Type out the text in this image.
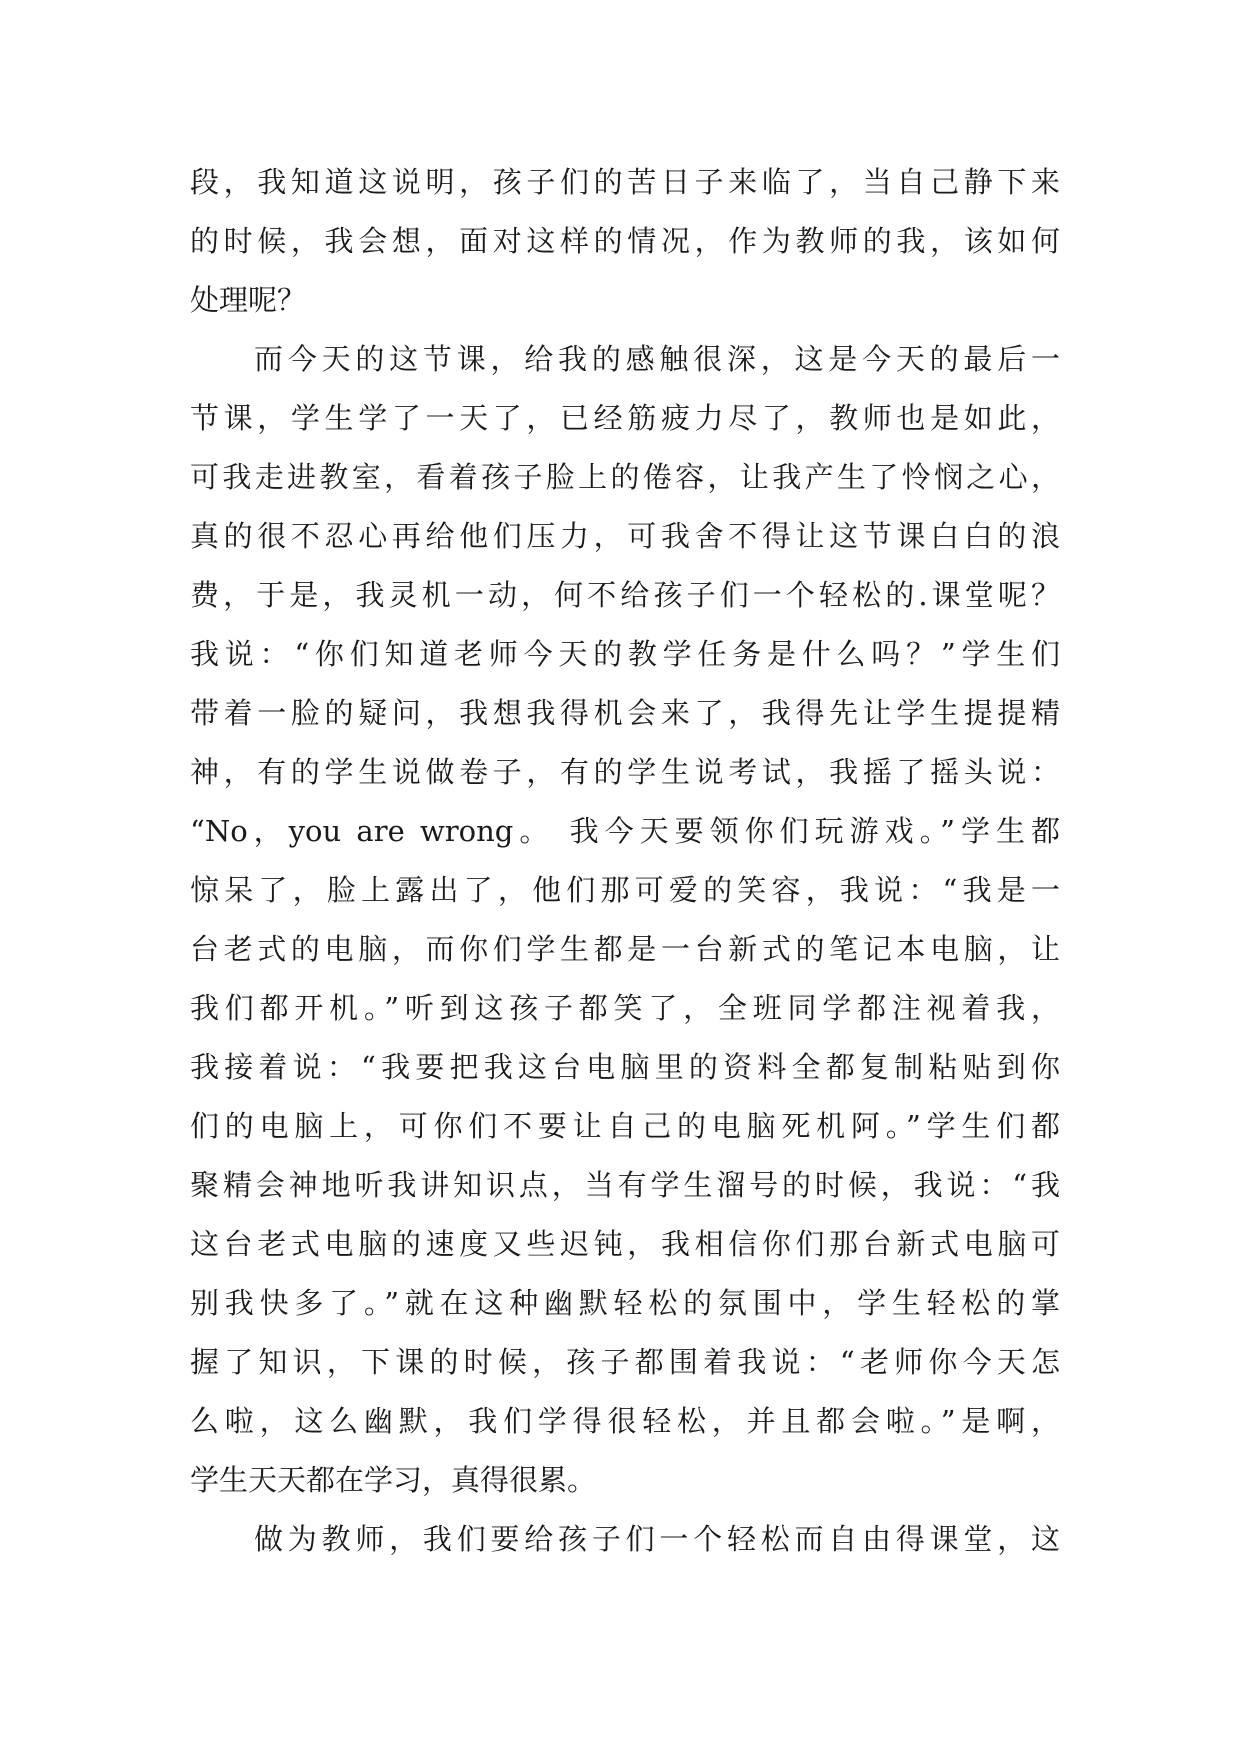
段，我知道这说明，孩子们的苦日子来临了，当自己静下来
的时候，我会想，面对这样的情况，作为教师的我，该如何
处理呢？
而今天的这节课，给我的感触很深，这是今天的最后一
节课，学生学了一天了，已经筋疲力尽了，教师也是如此，
可我走进教室，看着孩子脸上的倦容，让我产生了怜悯之心，
真的很不忍心再给他们压力，可我舍不得让这节课白白的浪
费，于是，我灵机一动，何不给孩子们一个轻松的.课堂呢？
我说：“你们知道老师今天的教学任务是什么吗？”学生们
带着一脸的疑问，我想我得机会来了，我得先让学生提提精
神，有的学生说做卷子，有的学生说考试，我摇了摇头说：
“No，you are wrong。 我今天要领你们玩游戏。”学生都
惊呆了，脸上露出了，他们那可爱的笑容，我说：“我是一
台老式的电脑，而你们学生都是一台新式的笔记本电脑，让
我们都开机。”听到这孩子都笑了，全班同学都注视着我，
我接着说：“我要把我这台电脑里的资料全都复制粘贴到你
们的电脑上，可你们不要让自己的电脑死机阿。”学生们都
聚精会神地听我讲知识点，当有学生溜号的时候，我说：“我
这台老式电脑的速度又些迟钝，我相信你们那台新式电脑可
别我快多了。”就在这种幽默轻松的氛围中，学生轻松的掌
握了知识，下课的时候，孩子都围着我说：“老师你今天怎
么啦，这么幽默，我们学得很轻松，并且都会啦。”是啊，
学生天天都在学习，真得很累。
做为教师，我们要给孩子们一个轻松而自由得课堂，这
